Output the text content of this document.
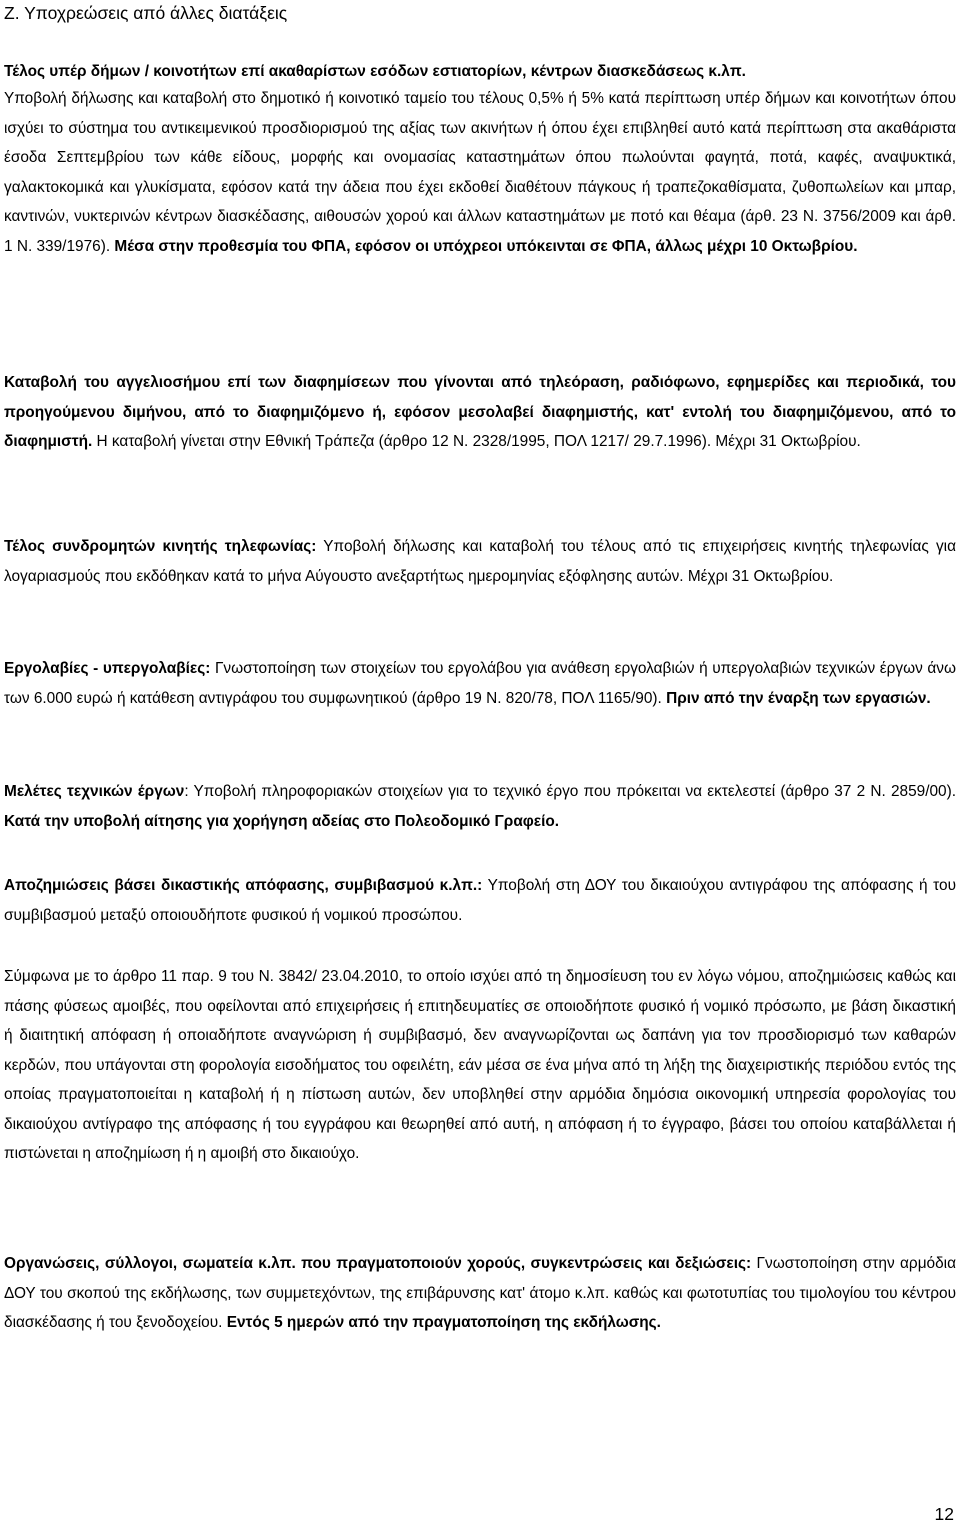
Ζ. Υποχρεώσεις από άλλες διατάξεις
Τέλος υπέρ δήμων / κοινοτήτων επί ακαθαρίστων εσόδων εστιατορίων, κέντρων διασκεδάσεως κ.λπ.

Υποβολή δήλωσης και καταβολή στο δημοτικό ή κοινοτικό ταμείο του τέλους 0,5% ή 5% κατά περίπτωση υπέρ δήμων και κοινοτήτων όπου ισχύει το σύστημα του αντικειμενικού προσδιορισμού της αξίας των ακινήτων ή όπου έχει επιβληθεί αυτό κατά περίπτωση στα ακαθάριστα έσοδα Σεπτεμβρίου των κάθε είδους, μορφής και ονομασίας καταστημάτων όπου πωλούνται φαγητά, ποτά, καφές, αναψυκτικά, γαλακτοκομικά και γλυκίσματα, εφόσον κατά την άδεια που έχει εκδοθεί διαθέτουν πάγκους ή τραπεζοκαθίσματα, ζυθοπωλείων και μπαρ, καντινών, νυκτερινών κέντρων διασκέδασης, αιθουσών χορού και άλλων καταστημάτων με ποτό και θέαμα (άρθ. 23 Ν. 3756/2009 και άρθ. 1 Ν. 339/1976). Μέσα στην προθεσμία του ΦΠΑ, εφόσον οι υπόχρεοι υπόκεινται σε ΦΠΑ, άλλως μέχρι 10 Οκτωβρίου.

Καταβολή του αγγελιοσήμου επί των διαφημίσεων που γίνονται από τηλεόραση, ραδιόφωνο, εφημερίδες και περιοδικά, του προηγούμενου διμήνου, από το διαφημιζόμενο ή, εφόσον μεσολαβεί διαφημιστής, κατ' εντολή του διαφημιζόμενου, από το διαφημιστή. Η καταβολή γίνεται στην Εθνική Τράπεζα (άρθρο 12 Ν. 2328/1995, ΠΟΛ 1217/ 29.7.1996). Μέχρι 31 Οκτωβρίου.

Τέλος συνδρομητών κινητής τηλεφωνίας: Υποβολή δήλωσης και καταβολή του τέλους από τις επιχειρήσεις κινητής τηλεφωνίας για λογαριασμούς που εκδόθηκαν κατά το μήνα Αύγουστο ανεξαρτήτως ημερομηνίας εξόφλησης αυτών. Μέχρι 31 Οκτωβρίου.

Εργολαβίες - υπεργολαβίες: Γνωστοποίηση των στοιχείων του εργολάβου για ανάθεση εργολαβιών ή υπεργολαβιών τεχνικών έργων άνω των 6.000 ευρώ ή κατάθεση αντιγράφου του συμφωνητικού (άρθρο 19 Ν. 820/78, ΠΟΛ 1165/90). Πριν από την έναρξη των εργασιών.

Μελέτες τεχνικών έργων: Υποβολή πληροφοριακών στοιχείων για το τεχνικό έργο που πρόκειται να εκτελεστεί (άρθρο 37 2 Ν. 2859/00). Κατά την υποβολή αίτησης για χορήγηση αδείας στο Πολεοδομικό Γραφείο.

Αποζημιώσεις βάσει δικαστικής απόφασης, συμβιβασμού κ.λπ.: Υποβολή στη ΔΟΥ του δικαιούχου αντιγράφου της απόφασης ή του συμβιβασμού μεταξύ οποιουδήποτε φυσικού ή νομικού προσώπου.

Σύμφωνα με το άρθρο 11 παρ. 9 του Ν. 3842/ 23.04.2010, το οποίο ισχύει από τη δημοσίευση του εν λόγω νόμου, αποζημιώσεις καθώς και πάσης φύσεως αμοιβές, που οφείλονται από επιχειρήσεις ή επιτηδευματίες σε οποιοδήποτε φυσικό ή νομικό πρόσωπο, με βάση δικαστική ή διαιτητική απόφαση ή οποιαδήποτε αναγνώριση ή συμβιβασμό, δεν αναγνωρίζονται ως δαπάνη για τον προσδιορισμό των καθαρών κερδών, που υπάγονται στη φορολογία εισοδήματος του οφειλέτη, εάν μέσα σε ένα μήνα από τη λήξη της διαχειριστικής περιόδου εντός της οποίας πραγματοποιείται η καταβολή ή η πίστωση αυτών, δεν υποβληθεί στην αρμόδια δημόσια οικονομική υπηρεσία φορολογίας του δικαιούχου αντίγραφο της απόφασης ή του εγγράφου και θεωρηθεί από αυτή, η απόφαση ή το έγγραφο, βάσει του οποίου καταβάλλεται ή πιστώνεται η αποζημίωση ή η αμοιβή στο δικαιούχο.

Οργανώσεις, σύλλογοι, σωματεία κ.λπ. που πραγματοποιούν χορούς, συγκεντρώσεις και δεξιώσεις: Γνωστοποίηση στην αρμόδια ΔΟΥ του σκοπού της εκδήλωσης, των συμμετεχόντων, της επιβάρυνσης κατ' άτομο κ.λπ. καθώς και φωτοτυπίας του τιμολογίου του κέντρου διασκέδασης ή του ξενοδοχείου. Εντός 5 ημερών από την πραγματοποίηση της εκδήλωσης.

12
